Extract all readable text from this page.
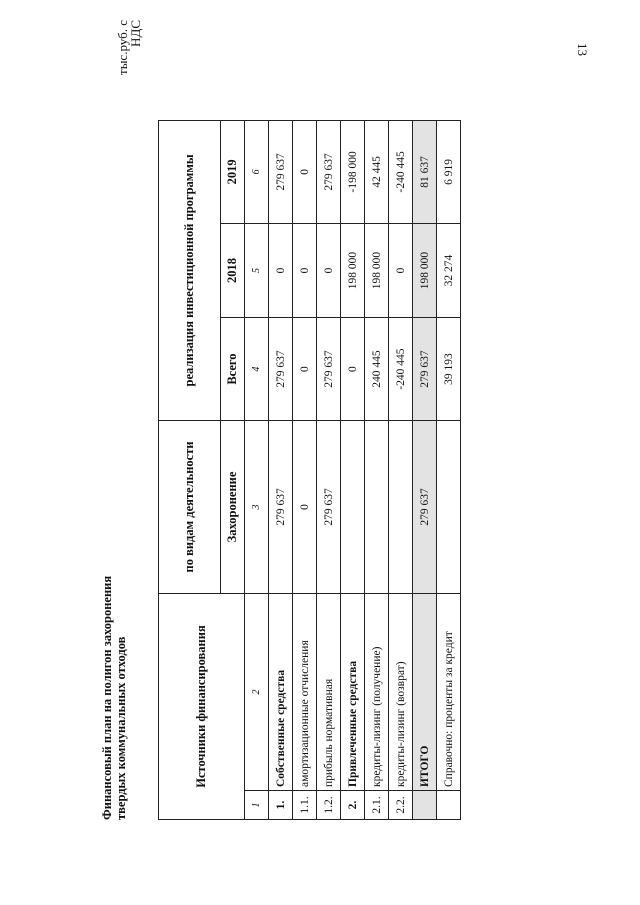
13
Финансовый план на полигон захоронения твердых коммунальных отходов
тыс.руб. с
НДС
Источники финансирования		по видам деятельности	реализация инвестиционной программы		
		Захоронение	Всего	2018	2019
1	2	3	4	5	6
1.	Собственные средства	279 637	279 637	0	279 637
1.1.	амортизационные отчисления	0	0	0	0
1.2.	прибыль нормативная	279 637	279 637	0	279 637
2.	Привлеченные средства		0	198 000	-198 000
2.1.	кредиты-лизинг (получение)		240 445	198 000	42 445
2.2.	кредиты-лизинг (возврат)		-240 445	0	-240 445
	ИТОГО	279 637	279 637	198 000	81 637
	Справочно: проценты за кредит		39 193	32 274	6 919
